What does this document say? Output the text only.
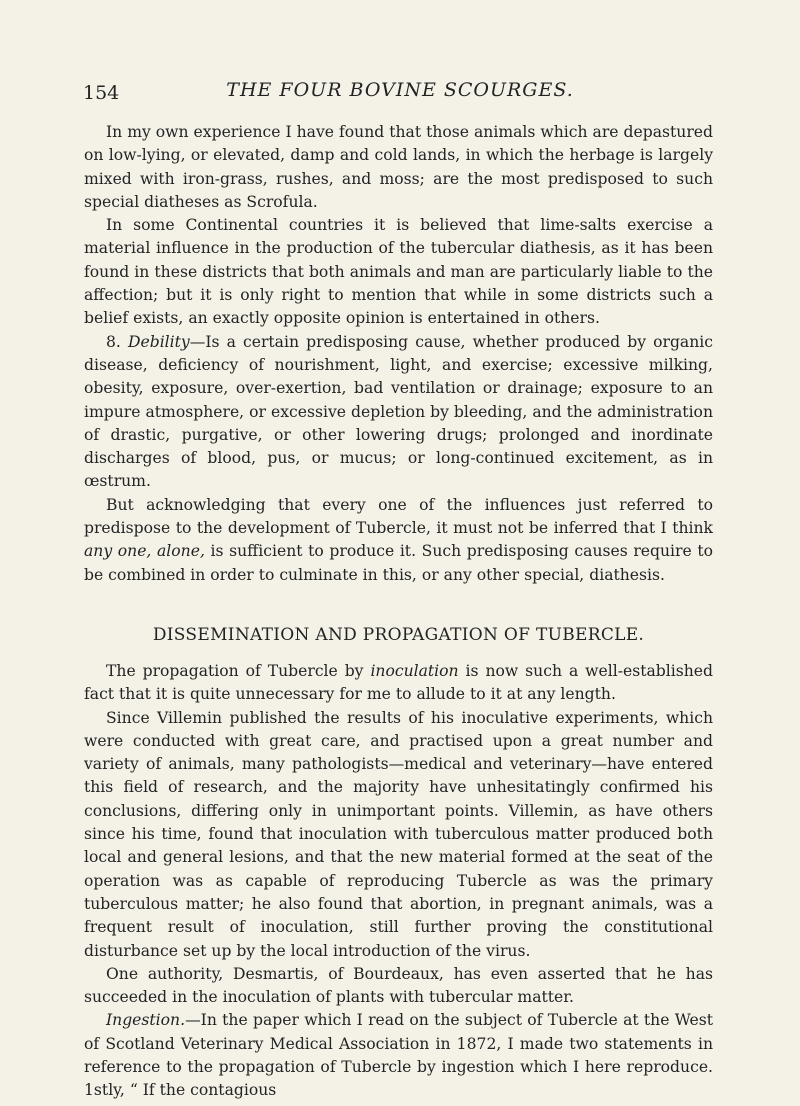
154	THE FOUR BOVINE SCOURGES.

In my own experience I have found that those animals which are depastured on low-lying, or elevated, damp and cold lands, in which the herbage is largely mixed with iron-grass, rushes, and moss; are the most predisposed to such special diatheses as Scrofula.

In some Continental countries it is believed that lime-salts exercise a material influence in the production of the tubercular diathesis, as it has been found in these districts that both animals and man are particularly liable to the affection; but it is only right to mention that while in some districts such a belief exists, an exactly opposite opinion is entertained in others.

8. Debility—Is a certain predisposing cause, whether produced by organic disease, deficiency of nourishment, light, and exercise; excessive milking, obesity, exposure, over-exertion, bad ventilation or drainage; exposure to an impure atmosphere, or excessive depletion by bleeding, and the administration of drastic, purgative, or other lowering drugs; prolonged and inordinate discharges of blood, pus, or mucus; or long-continued excitement, as in œstrum.

But acknowledging that every one of the influences just referred to predispose to the development of Tubercle, it must not be inferred that I think any one, alone, is sufficient to produce it. Such predisposing causes require to be combined in order to culminate in this, or any other special, diathesis.

DISSEMINATION AND PROPAGATION OF TUBERCLE.

The propagation of Tubercle by inoculation is now such a well-established fact that it is quite unnecessary for me to allude to it at any length.

Since Villemin published the results of his inoculative experiments, which were conducted with great care, and practised upon a great number and variety of animals, many pathologists—medical and veterinary—have entered this field of research, and the majority have unhesitatingly confirmed his conclusions, differing only in unimportant points. Villemin, as have others since his time, found that inoculation with tuberculous matter produced both local and general lesions, and that the new material formed at the seat of the operation was as capable of reproducing Tubercle as was the primary tuberculous matter; he also found that abortion, in pregnant animals, was a frequent result of inoculation, still further proving the constitutional disturbance set up by the local introduction of the virus.

One authority, Desmartis, of Bourdeaux, has even asserted that he has succeeded in the inoculation of plants with tubercular matter.

Ingestion.—In the paper which I read on the subject of Tubercle at the West of Scotland Veterinary Medical Association in 1872, I made two statements in reference to the propagation of Tubercle by ingestion which I here reproduce. 1stly, “ If the contagious
